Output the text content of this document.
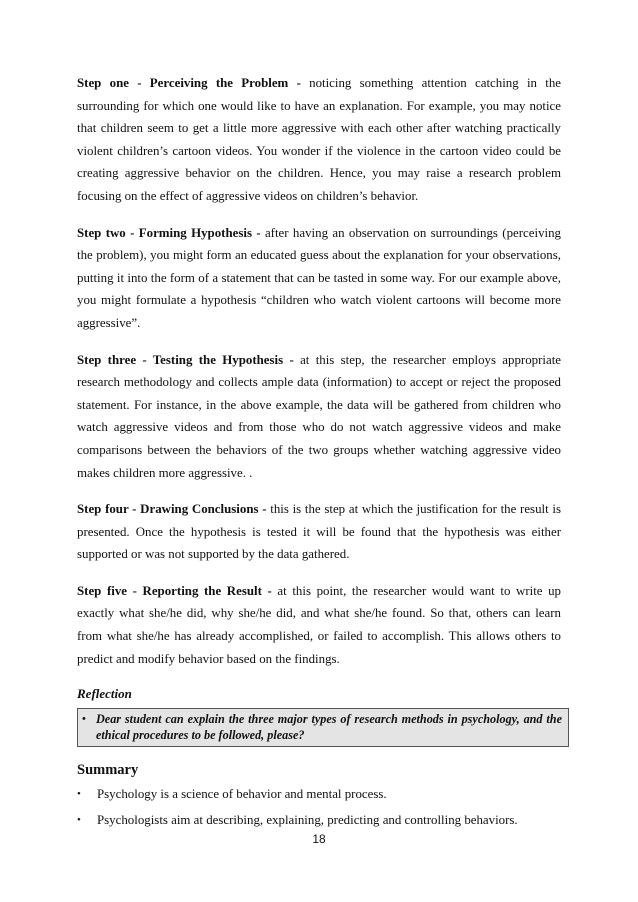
Step one - Perceiving the Problem - noticing something attention catching in the surrounding for which one would like to have an explanation. For example, you may notice that children seem to get a little more aggressive with each other after watching practically violent children’s cartoon videos. You wonder if the violence in the cartoon video could be creating aggressive behavior on the children. Hence, you may raise a research problem focusing on the effect of aggressive videos on children’s behavior.

Step two - Forming Hypothesis - after having an observation on surroundings (perceiving the problem), you might form an educated guess about the explanation for your observations, putting it into the form of a statement that can be tasted in some way. For our example above, you might formulate a hypothesis “children who watch violent cartoons will become more aggressive”.

Step three - Testing the Hypothesis - at this step, the researcher employs appropriate research methodology and collects ample data (information) to accept or reject the proposed statement. For instance, in the above example, the data will be gathered from children who watch aggressive videos and from those who do not watch aggressive videos and make comparisons between the behaviors of the two groups whether watching aggressive video makes children more aggressive. .

Step four - Drawing Conclusions - this is the step at which the justification for the result is presented. Once the hypothesis is tested it will be found that the hypothesis was either supported or was not supported by the data gathered.

Step five - Reporting the Result - at this point, the researcher would want to write up exactly what she/he did, why she/he did, and what she/he found. So that, others can learn from what she/he has already accomplished, or failed to accomplish. This allows others to predict and modify behavior based on the findings.

Reflection
• Dear student can explain the three major types of research methods in psychology, and the ethical procedures to be followed, please?
Summary
•	Psychology is a science of behavior and mental process.
•	Psychologists aim at describing, explaining, predicting and controlling behaviors.
18
